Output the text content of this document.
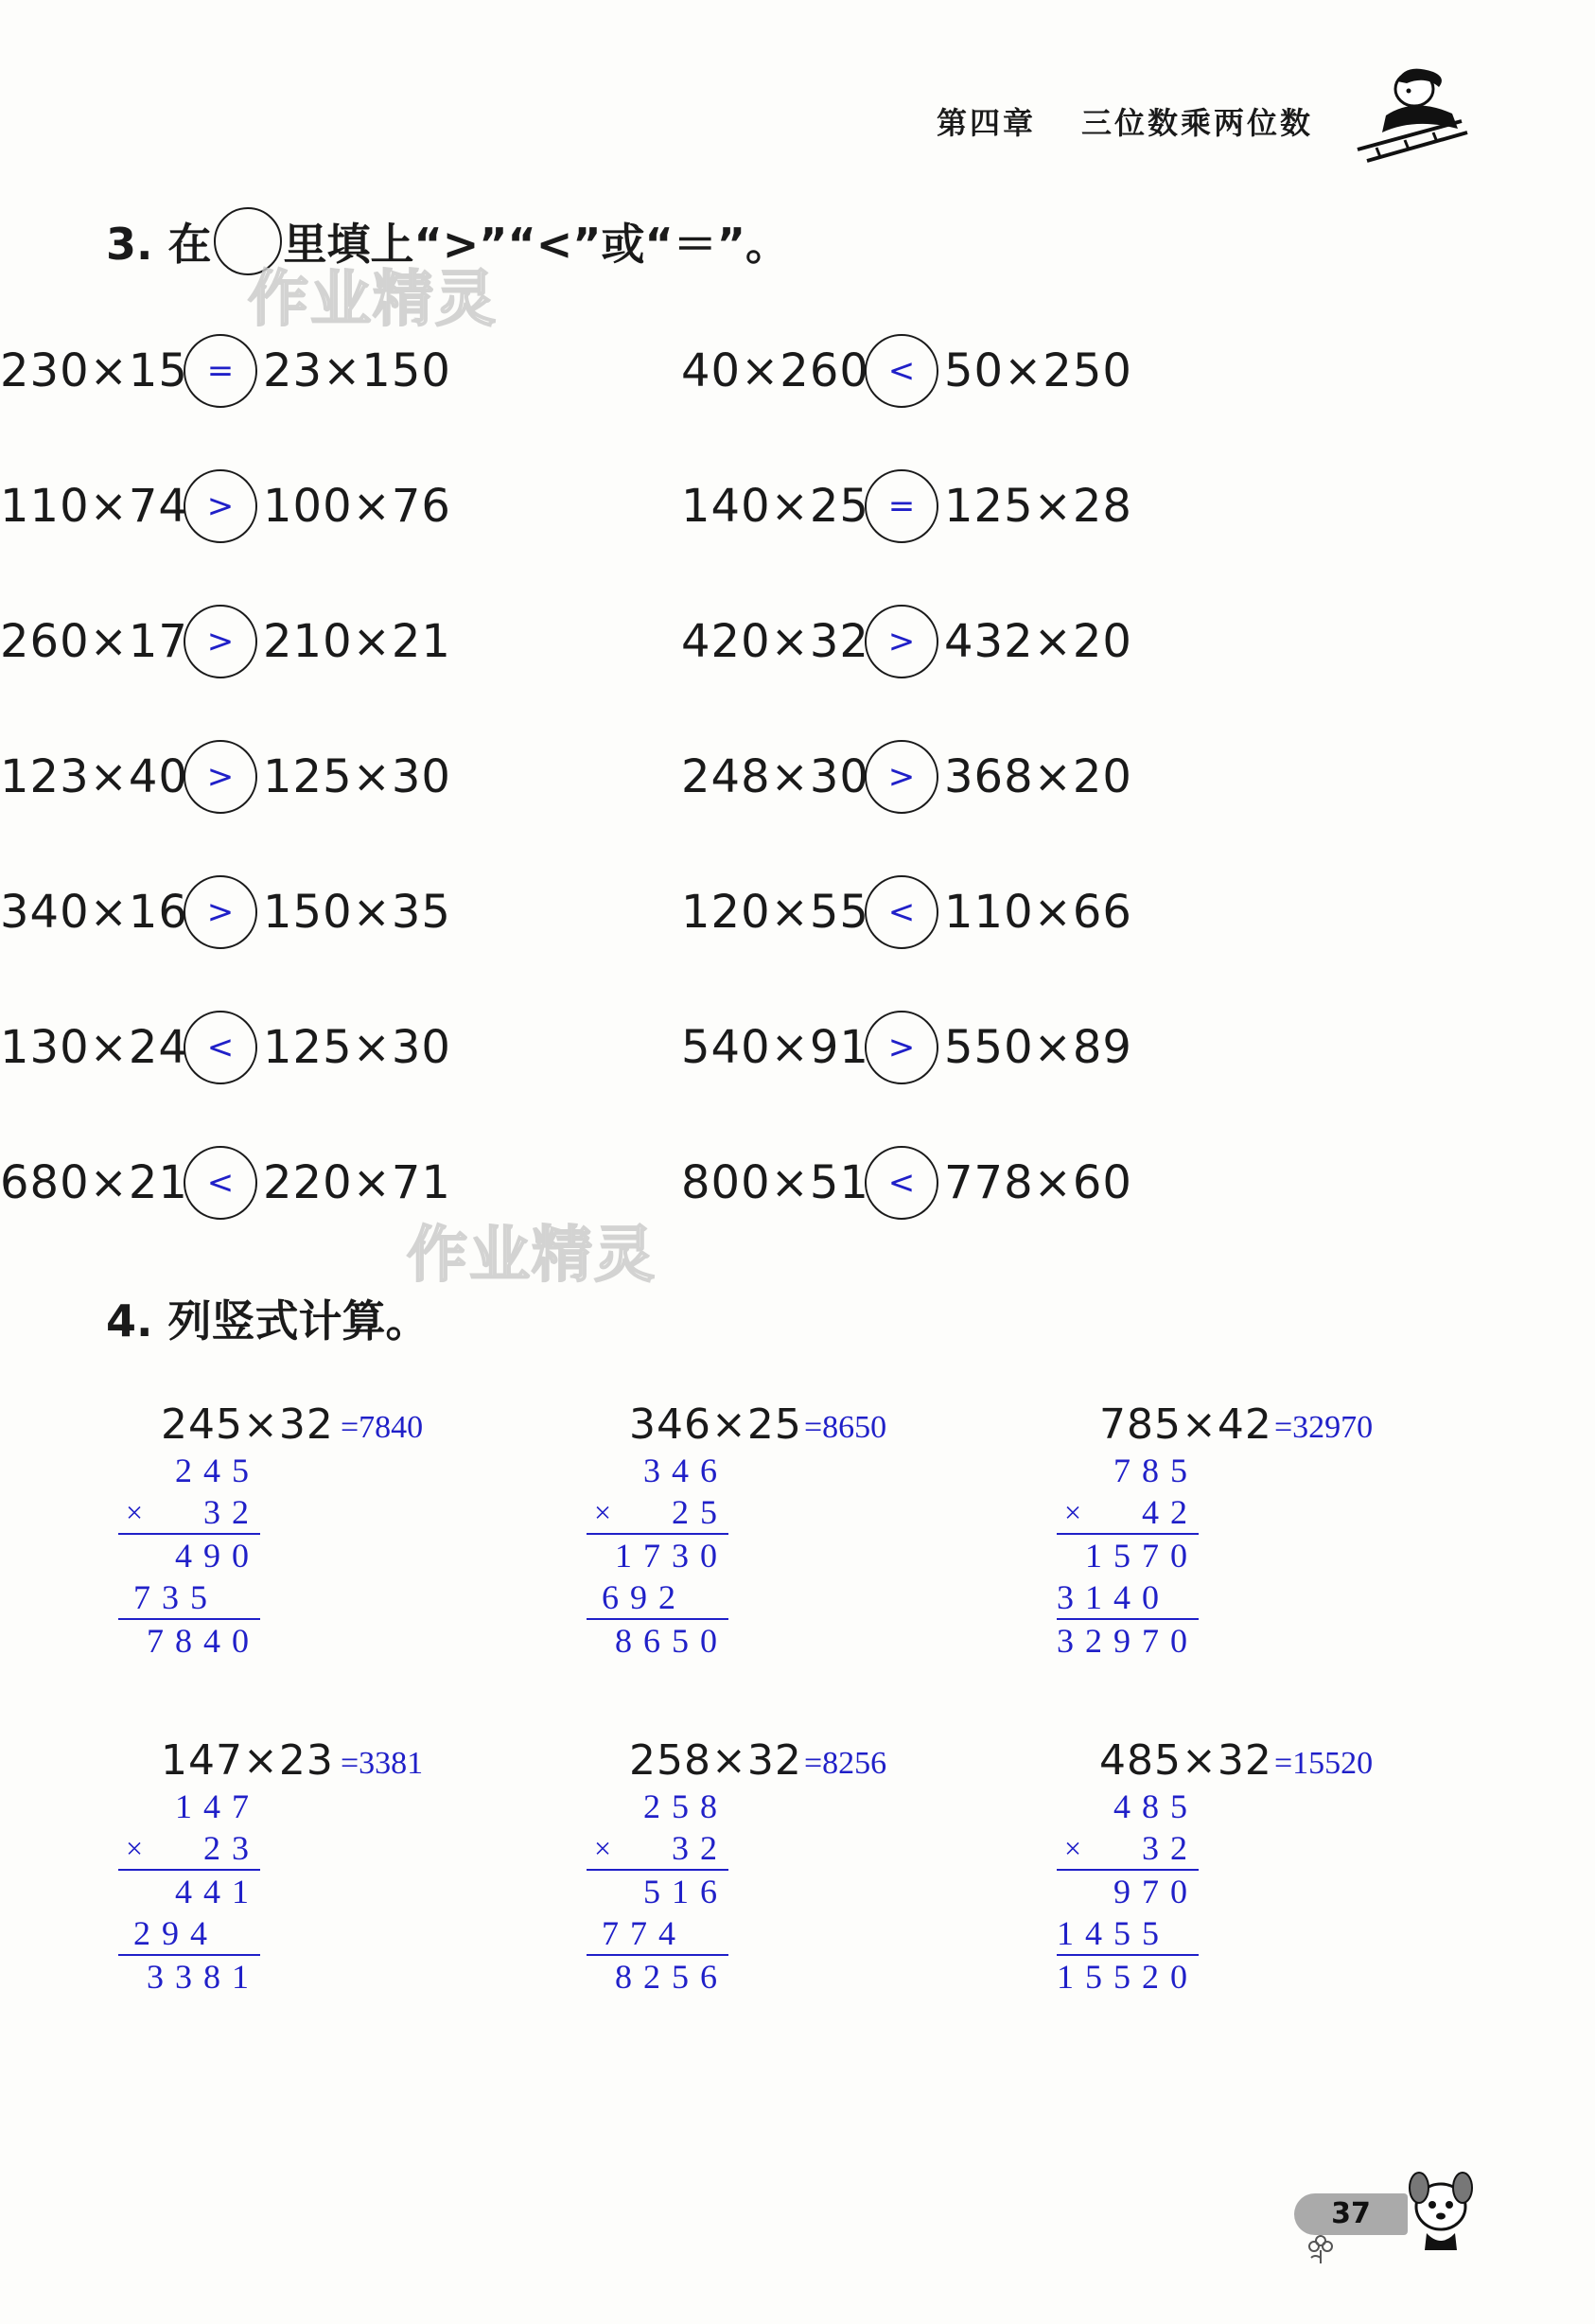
第四章 三位数乘两位数
3. 在 里填上“>”“<”或“＝”。
作业精灵
230×15 = 23×150	40×260 < 50×250
110×74 > 100×76	140×25 = 125×28
260×17 > 210×21	420×32 > 432×20
123×40 > 125×30	248×30 > 368×20
340×16 > 150×35	120×55 < 110×66
130×24 < 125×30	540×91 > 550×89
680×21 < 220×71	800×51 < 778×60
作业精灵
4. 列竖式计算。
245×32 =7840
245
× 32
490
735
7840
346×25 =8650
346
× 25
1730
692
8650
785×42 =32970
785
× 42
1570
3140
32970
147×23 =3381
147
× 23
441
294
3381
258×32 =8256
258
× 32
516
774
8256
485×32 =15520
485
× 32
970
1455
15520
37
